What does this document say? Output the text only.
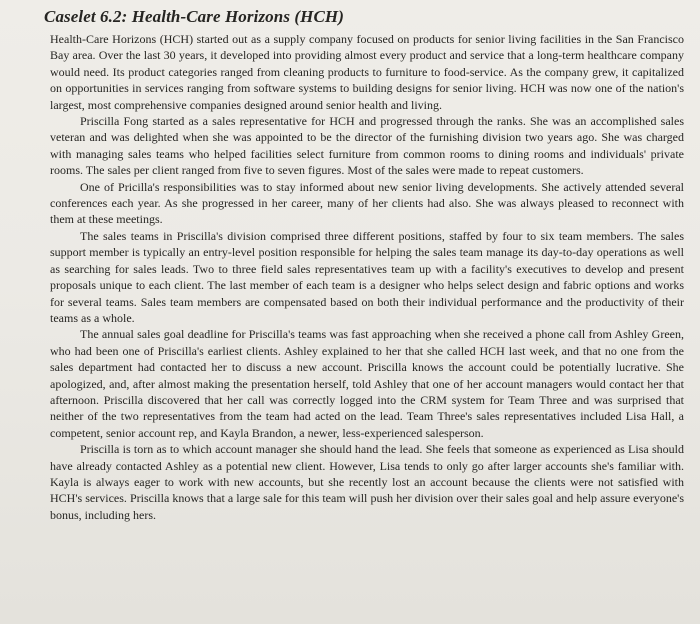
Caselet 6.2: Health-Care Horizons (HCH)

Health-Care Horizons (HCH) started out as a supply company focused on products for senior living facilities in the San Francisco Bay area. Over the last 30 years, it developed into providing almost every product and service that a long-term healthcare company would need. Its product categories ranged from cleaning products to furniture to food-service. As the company grew, it capitalized on opportunities in services ranging from software systems to building designs for senior living. HCH was now one of the nation's largest, most comprehensive companies designed around senior health and living.

Priscilla Fong started as a sales representative for HCH and progressed through the ranks. She was an accomplished sales veteran and was delighted when she was appointed to be the director of the furnishing division two years ago. She was charged with managing sales teams who helped facilities select furniture from common rooms to dining rooms and individuals' private rooms. The sales per client ranged from five to seven figures. Most of the sales were made to repeat customers.

One of Pricilla's responsibilities was to stay informed about new senior living developments. She actively attended several conferences each year. As she progressed in her career, many of her clients had also. She was always pleased to reconnect with them at these meetings.

The sales teams in Priscilla's division comprised three different positions, staffed by four to six team members. The sales support member is typically an entry-level position responsible for helping the sales team manage its day-to-day operations as well as searching for sales leads. Two to three field sales representatives team up with a facility's executives to develop and present proposals unique to each client. The last member of each team is a designer who helps select design and fabric options and works for several teams. Sales team members are compensated based on both their individual performance and the productivity of their teams as a whole.

The annual sales goal deadline for Priscilla's teams was fast approaching when she received a phone call from Ashley Green, who had been one of Priscilla's earliest clients. Ashley explained to her that she called HCH last week, and that no one from the sales department had contacted her to discuss a new account. Priscilla knows the account could be potentially lucrative. She apologized, and, after almost making the presentation herself, told Ashley that one of her account managers would contact her that afternoon. Priscilla discovered that her call was correctly logged into the CRM system for Team Three and was surprised that neither of the two representatives from the team had acted on the lead. Team Three's sales representatives included Lisa Hall, a competent, senior account rep, and Kayla Brandon, a newer, less-experienced salesperson.

Priscilla is torn as to which account manager she should hand the lead. She feels that someone as experienced as Lisa should have already contacted Ashley as a potential new client. However, Lisa tends to only go after larger accounts she's familiar with. Kayla is always eager to work with new accounts, but she recently lost an account because the clients were not satisfied with HCH's services. Priscilla knows that a large sale for this team will push her division over their sales goal and help assure everyone's bonus, including hers.
